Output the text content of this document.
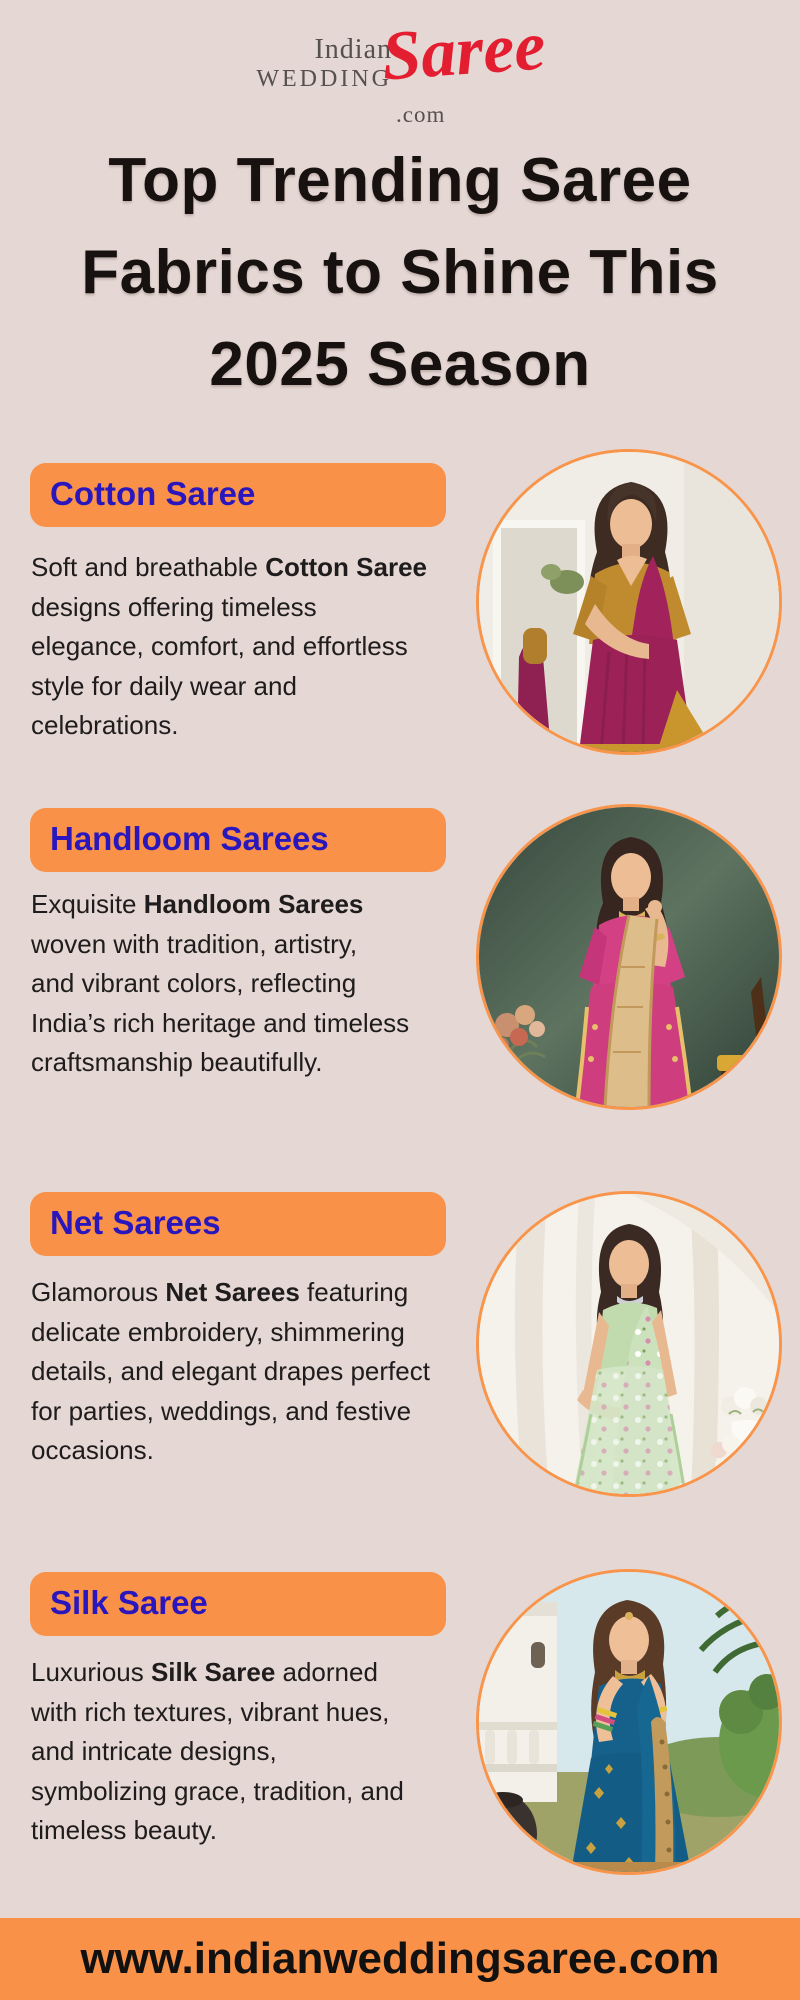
Indian
WEDDING
Saree
.com
Top Trending Saree
Fabrics to Shine This
2025 Season
Cotton Saree
Soft and breathable Cotton Saree
designs offering timeless
elegance, comfort, and effortless
style for daily wear and
celebrations.
Handloom Sarees
Exquisite Handloom Sarees
woven with tradition, artistry,
and vibrant colors, reflecting
India’s rich heritage and timeless
craftsmanship beautifully.
Net Sarees
Glamorous Net Sarees featuring
delicate embroidery, shimmering
details, and elegant drapes perfect
for parties, weddings, and festive
occasions.
Silk Saree
Luxurious Silk Saree adorned
with rich textures, vibrant hues,
and intricate designs,
symbolizing grace, tradition, and
timeless beauty.
www.indianweddingsaree.com
